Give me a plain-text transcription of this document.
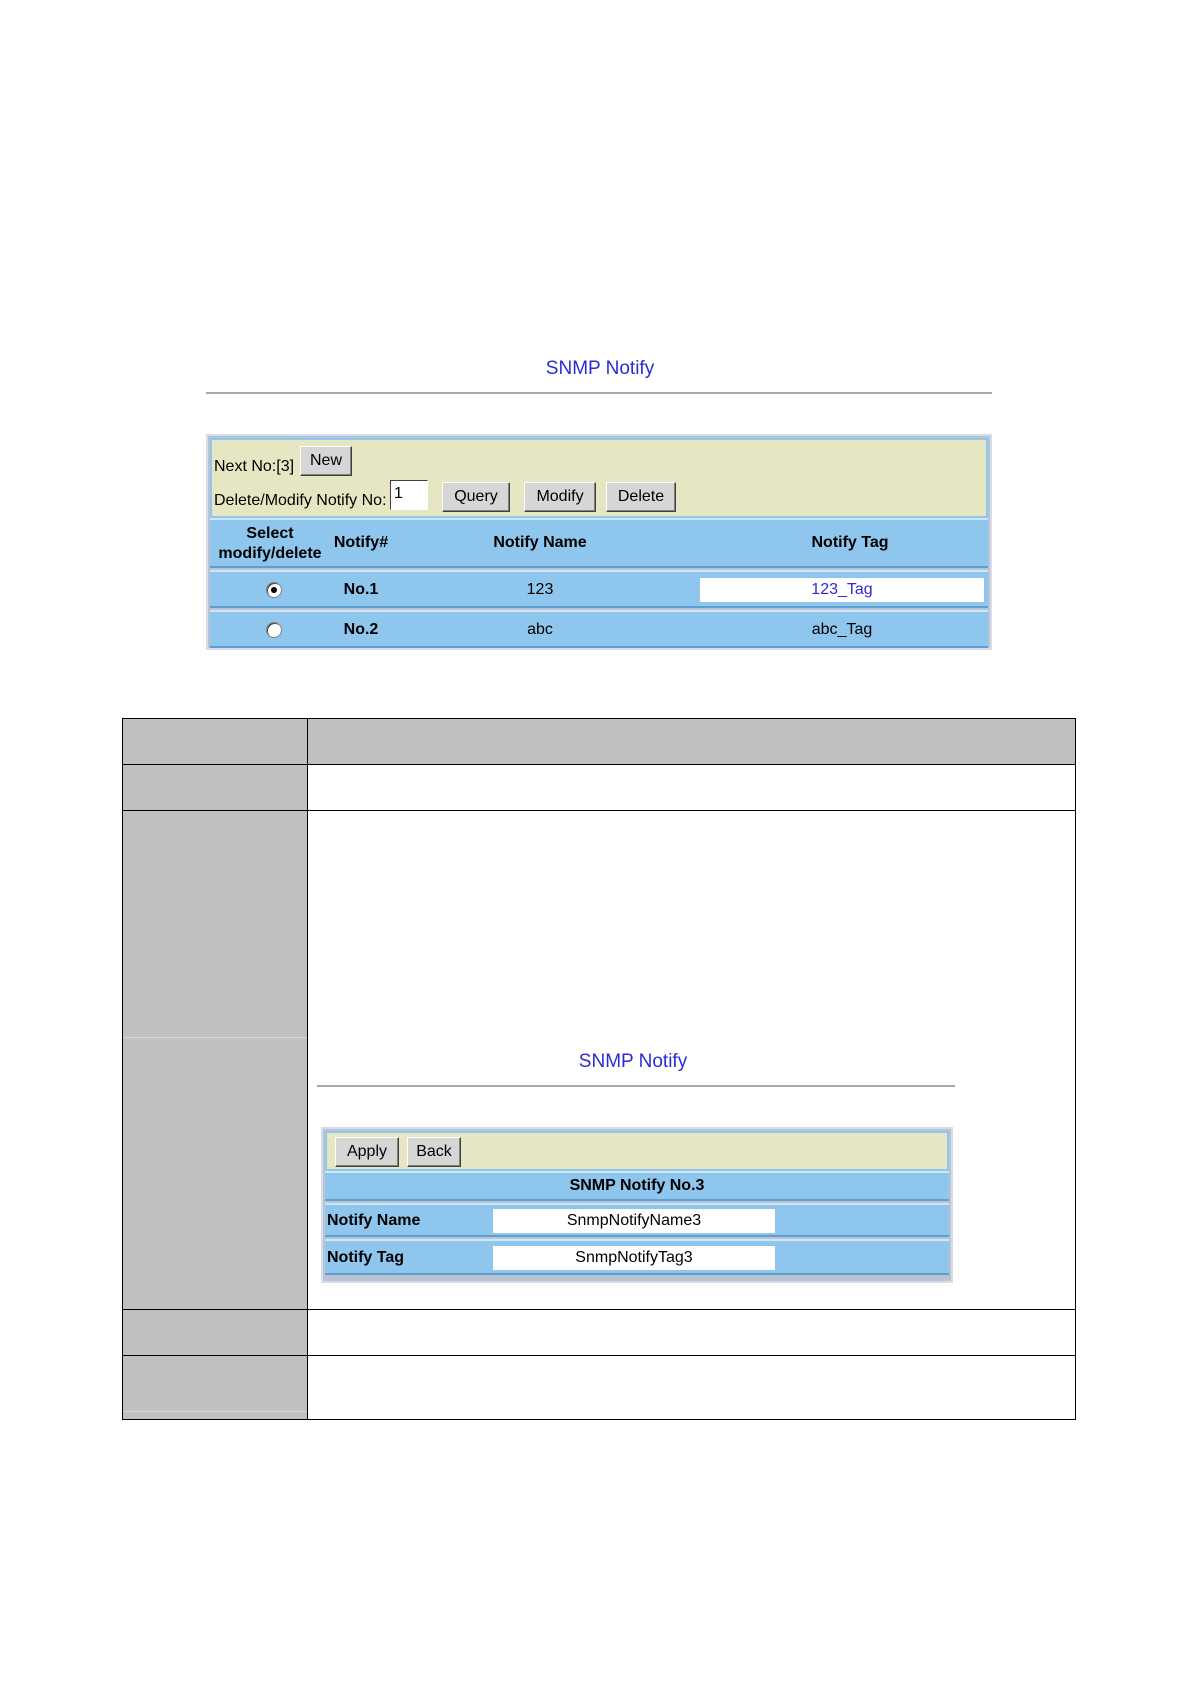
SNMP Notify
Next No:[3] New
Delete/Modify Notify No: 1	Query	Modify	Delete
Select
modify/delete
Notify#	Notify Name	Notify Tag
No.1	123	123_Tag
No.2	abc	abc_Tag
SNMP Notify
Apply	Back
SNMP Notify No.3
Notify Name	SnmpNotifyName3
Notify Tag	SnmpNotifyTag3
